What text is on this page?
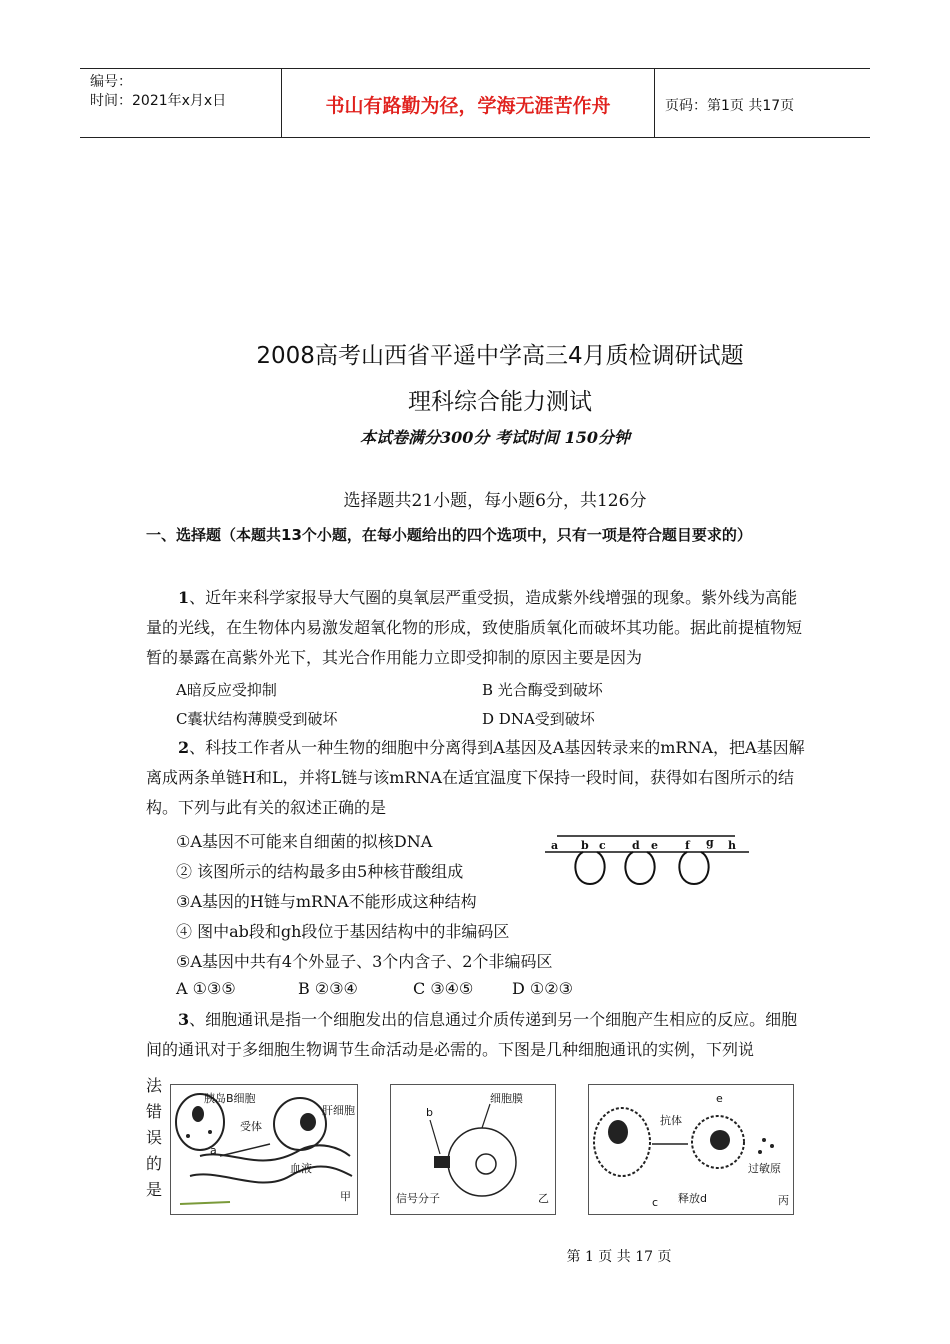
编号：
时间：2021年x月x日	书山有路勤为径，学海无涯苦作舟	页码：第1页 共17页
2008高考山西省平遥中学高三4月质检调研试题
理科综合能力测试
本试卷满分300分 考试时间 150分钟
选择题共21小题，每小题6分，共126分
一、选择题（本题共13个小题，在每小题给出的四个选项中，只有一项是符合题目要求的）
1、近年来科学家报导大气圈的臭氧层严重受损，造成紫外线增强的现象。紫外线为高能量的光线，在生物体内易激发超氧化物的形成，致使脂质氧化而破坏其功能。据此前提植物短暂的暴露在高紫外光下，其光合作用能力立即受抑制的原因主要是因为
A暗反应受抑制	B 光合酶受到破坏
C囊状结构薄膜受到破坏	D DNA受到破坏
2、科技工作者从一种生物的细胞中分离得到A基因及A基因转录来的mRNA，把A基因解离成两条单链H和L，并将L链与该mRNA在适宜温度下保持一段时间，获得如右图所示的结构。下列与此有关的叙述正确的是
①A基因不可能来自细菌的拟核DNA
② 该图所示的结构最多由5种核苷酸组成
③A基因的H链与mRNA不能形成这种结构
④ 图中ab段和gh段位于基因结构中的非编码区
⑤A基因中共有4个外显子、3个内含子、2个非编码区
A ①③⑤	B ②③④	C ③④⑤ D ①②③
a b c d e f g h
3、细胞通讯是指一个细胞发出的信息通过介质传递到另一个细胞产生相应的反应。细胞间的通讯对于多细胞生物调节生命活动是必需的。下图是几种细胞通讯的实例，下列说
法
错
误
的
是
胰岛B细胞
受体
肝细胞
a
血液
甲
b
细胞膜
信号分子	乙
抗体
e
过敏原
c 释放d	丙
第 1 页 共 17 页
